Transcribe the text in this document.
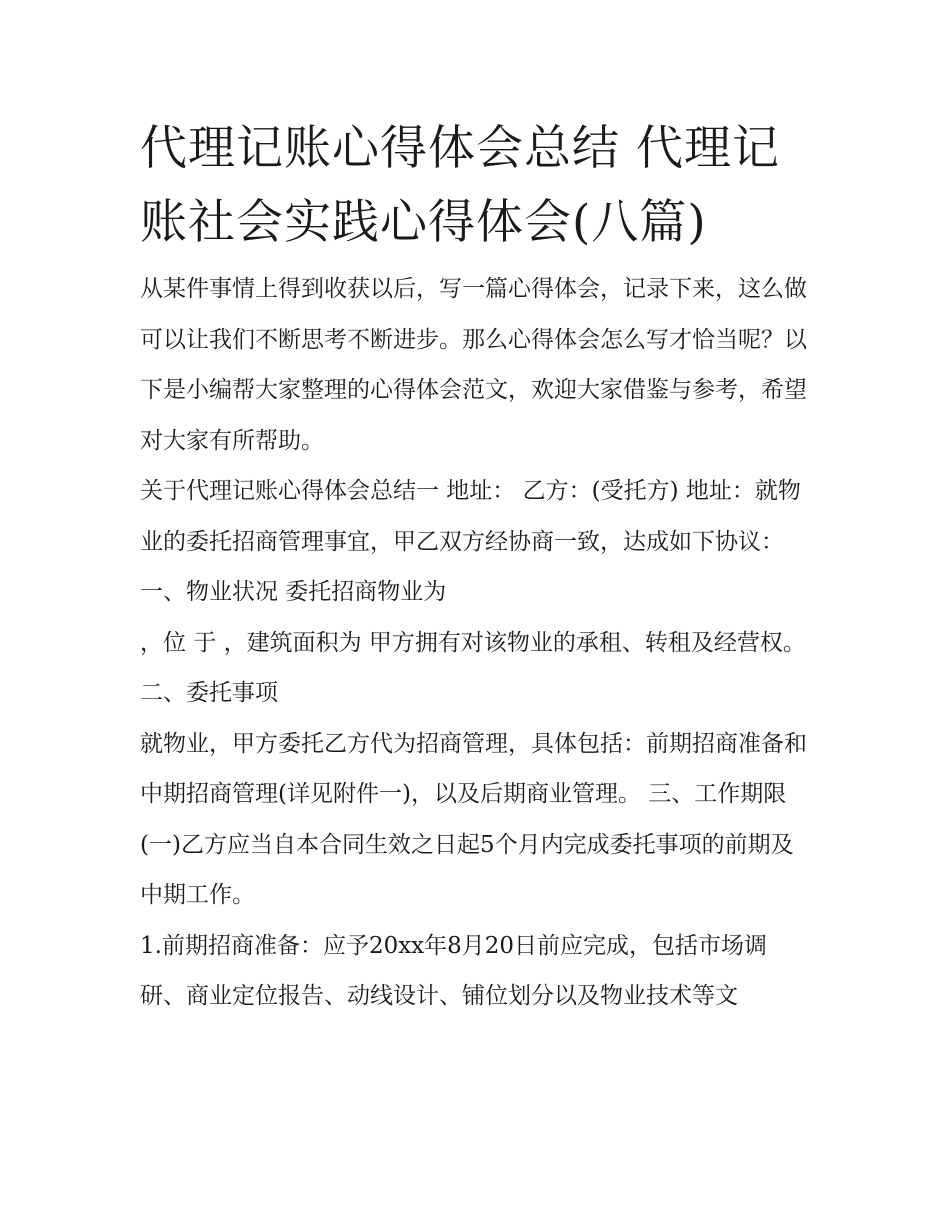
代理记账心得体会总结 代理记账社会实践心得体会(八篇)

从某件事情上得到收获以后，写一篇心得体会，记录下来，这么做可以让我们不断思考不断进步。那么心得体会怎么写才恰当呢？以下是小编帮大家整理的心得体会范文，欢迎大家借鉴与参考，希望对大家有所帮助。

关于代理记账心得体会总结一 地址： 乙方：(受托方) 地址：就物业的委托招商管理事宜，甲乙双方经协商一致，达成如下协议： 一、物业状况 委托招商物业为

，位 于 ，建筑面积为 甲方拥有对该物业的承租、转租及经营权。 二、委托事项

就物业，甲方委托乙方代为招商管理，具体包括：前期招商准备和中期招商管理(详见附件一)，以及后期商业管理。 三、工作期限

(一)乙方应当自本合同生效之日起5个月内完成委托事项的前期及中期工作。

1.前期招商准备：应予20xx年8月20日前应完成，包括市场调研、商业定位报告、动线设计、铺位划分以及物业技术等文
